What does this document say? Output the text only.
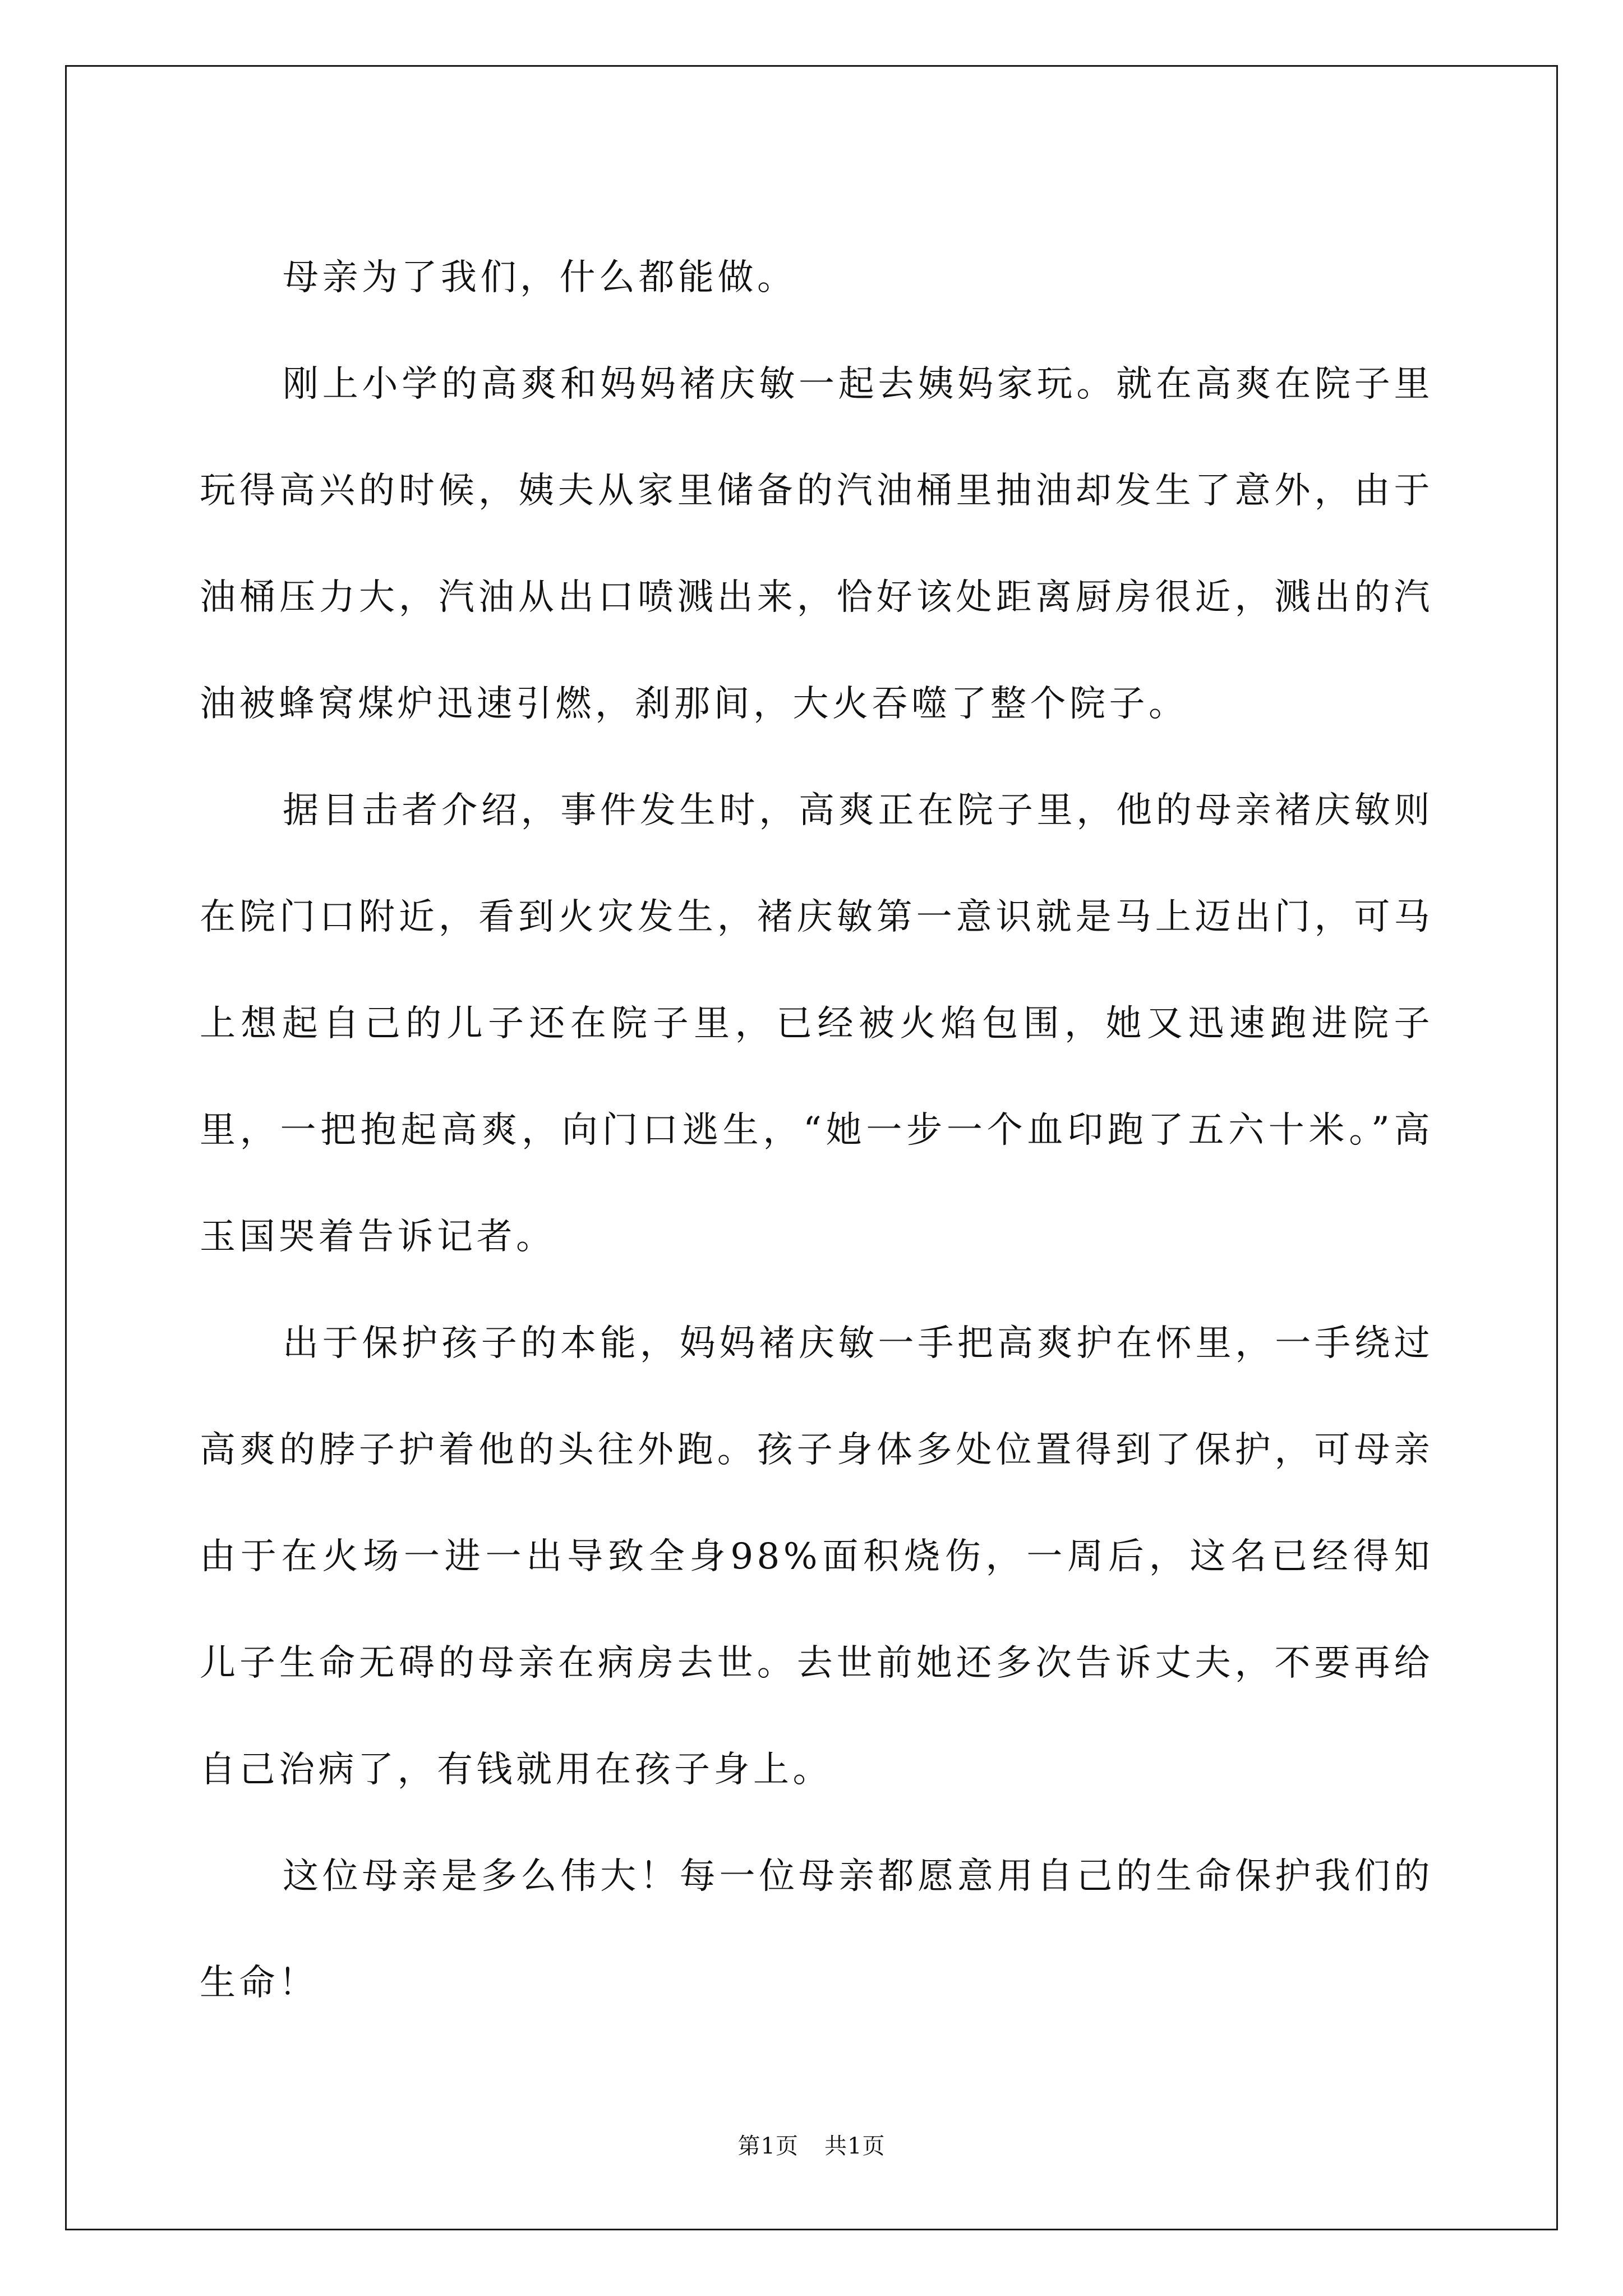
母亲为了我们，什么都能做。

刚上小学的高爽和妈妈褚庆敏一起去姨妈家玩。就在高爽在院子里玩得高兴的时候，姨夫从家里储备的汽油桶里抽油却发生了意外，由于油桶压力大，汽油从出口喷溅出来，恰好该处距离厨房很近，溅出的汽油被蜂窝煤炉迅速引燃，刹那间，大火吞噬了整个院子。

据目击者介绍，事件发生时，高爽正在院子里，他的母亲褚庆敏则在院门口附近，看到火灾发生，褚庆敏第一意识就是马上迈出门，可马上想起自己的儿子还在院子里，已经被火焰包围，她又迅速跑进院子里，一把抱起高爽，向门口逃生，“她一步一个血印跑了五六十米。”高玉国哭着告诉记者。

出于保护孩子的本能，妈妈褚庆敏一手把高爽护在怀里，一手绕过高爽的脖子护着他的头往外跑。孩子身体多处位置得到了保护，可母亲由于在火场一进一出导致全身98%面积烧伤，一周后，这名已经得知儿子生命无碍的母亲在病房去世。去世前她还多次告诉丈夫，不要再给自己治病了，有钱就用在孩子身上。

这位母亲是多么伟大！每一位母亲都愿意用自己的生命保护我们的生命！

第1页 共1页
